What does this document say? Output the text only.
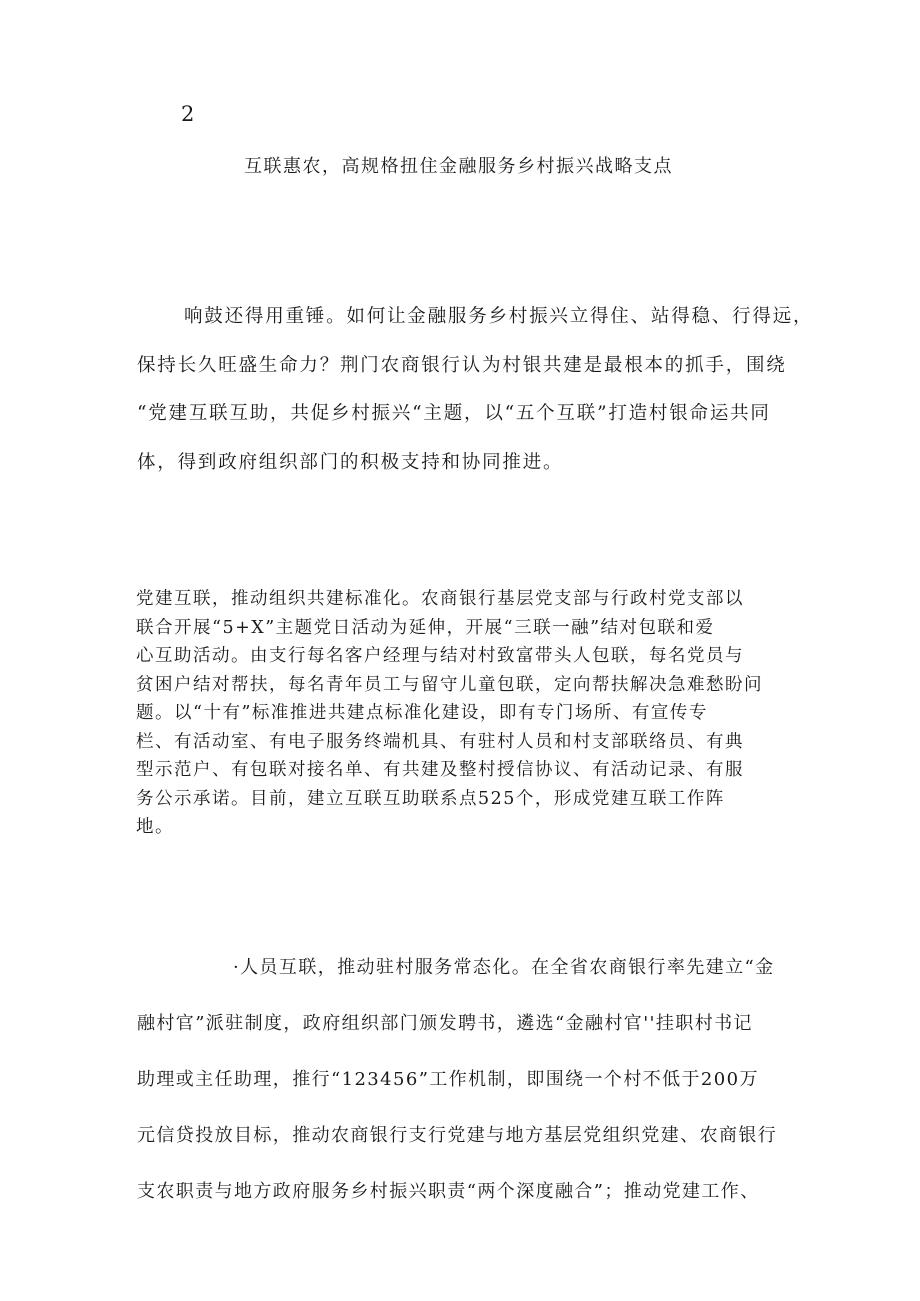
2
互联惠农，高规格扭住金融服务乡村振兴战略支点

响鼓还得用重锤。如何让金融服务乡村振兴立得住、站得稳、行得远，
保持长久旺盛生命力？荆门农商银行认为村银共建是最根本的抓手，围绕
“党建互联互助，共促乡村振兴“主题，以“五个互联”打造村银命运共同
体，得到政府组织部门的积极支持和协同推进。

党建互联，推动组织共建标准化。农商银行基层党支部与行政村党支部以
联合开展“5+X”主题党日活动为延伸，开展“三联一融”结对包联和爱
心互助活动。由支行每名客户经理与结对村致富带头人包联，每名党员与
贫困户结对帮扶，每名青年员工与留守儿童包联，定向帮扶解决急难愁盼问
题。以“十有”标准推进共建点标准化建设，即有专门场所、有宣传专
栏、有活动室、有电子服务终端机具、有驻村人员和村支部联络员、有典
型示范户、有包联对接名单、有共建及整村授信协议、有活动记录、有服
务公示承诺。目前，建立互联互助联系点525个，形成党建互联工作阵
地。

·人员互联，推动驻村服务常态化。在全省农商银行率先建立“金
融村官”派驻制度，政府组织部门颁发聘书，遴选“金融村官''挂职村书记
助理或主任助理，推行“123456”工作机制，即围绕一个村不低于200万
元信贷投放目标，推动农商银行支行党建与地方基层党组织党建、农商银行
支农职责与地方政府服务乡村振兴职责“两个深度融合”；推动党建工作、
